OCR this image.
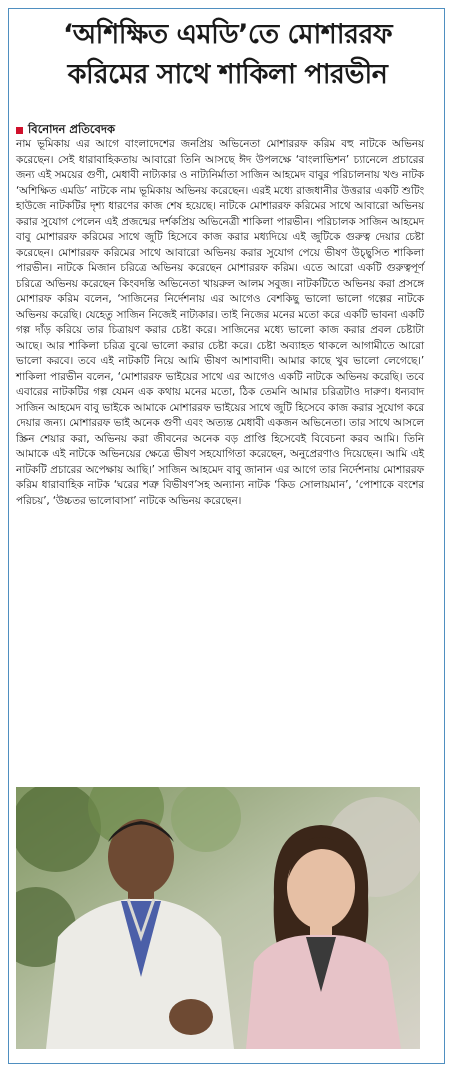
‘অশিক্ষিত এমডি’তে মোশাররফ
করিমের সাথে শাকিলা পারভীন
বিনোদন প্রতিবেদক
নাম ভূমিকায় এর আগে বাংলাদেশের জনপ্রিয় অভিনেতা মোশাররফ করিম বহু নাটকে অভিনয় করেছেন। সেই ধারাবাহিকতায় আবারো তিনি আসছে ঈদ উপলক্ষে ‘বাংলাভিশন’ চ্যানেলে প্রচারের জন্য এই সময়ের গুণী, মেধাবী নাট্যকার ও নাট্যনির্মাতা সাজিন আহমেদ বাবুর পরিচালনায় খণ্ড নাটক ‘অশিক্ষিত এমডি’ নাটকে নাম ভূমিকায় অভিনয় করেছেন। এরই মধ্যে রাজধানীর উত্তরার একটি শুটিং হাউজে নাটকটির দৃশ্য ধারণের কাজ শেষ হয়েছে। নাটকে মোশাররফ করিমের সাথে আবারো অভিনয় করার সুযোগ পেলেন এই প্রজন্মের দর্শকপ্রিয় অভিনেত্রী শাকিলা পারভীন। পরিচালক সাজিন আহমেদ বাবু মোশাররফ করিমের সাথে জুটি হিসেবে কাজ করার মধ্যদিয়ে এই জুটিকে গুরুত্ব দেয়ার চেষ্টা করেছেন। মোশাররফ করিমের সাথে আবারো অভিনয় করার সুযোগ পেয়ে ভীষণ উচ্ছ্বসিত শাকিলা পারভীন। নাটকে মিজান চরিত্রে অভিনয় করেছেন মোশাররফ করিম। এতে আরো একটি গুরুত্বপূর্ণ চরিত্রে অভিনয় করেছেন কিংবদন্তি অভিনেতা খায়রুল আলম সবুজ। নাটকটিতে অভিনয় করা প্রসঙ্গে মোশারফ করিম বলেন, ‘সাজিনের নির্দেশনায় এর আগেও বেশকিছু ভালো ভালো গল্পের নাটকে অভিনয় করেছি। যেহেতু সাজিন নিজেই নাট্যকার। তাই নিজের মনের মতো করে একটি ভাবনা একটি গল্প দাঁড় করিয়ে তার চিত্রায়ণ করার চেষ্টা করে। সাজিনের মধ্যে ভালো কাজ করার প্রবল চেষ্টাটা আছে। আর শাকিলা চরিত্র বুঝে ভালো করার চেষ্টা করে। চেষ্টা অব্যাহত থাকলে আগামীতে আরো ভালো করবে। তবে এই নাটকটি নিয়ে আমি ভীষণ আশাবাদী। আমার কাছে খুব ভালো লেগেছে।’ শাকিলা পারভীন বলেন, ‘মোশাররফ ভাইয়ের সাথে এর আগেও একটি নাটকে অভিনয় করেছি। তবে এবারের নাটকটির গল্প যেমন এক কথায় মনের মতো, ঠিক তেমনি আমার চরিত্রটাও দারুণ। ধন্যবাদ সাজিন আহমেদ বাবু ভাইকে আমাকে মোশাররফ ভাইয়ের সাথে জুটি হিসেবে কাজ করার সুযোগ করে দেয়ার জন্য। মোশাররফ ভাই অনেক গুণী এবং অত্যন্ত মেধাবী একজন অভিনেতা। তার সাথে আসলে স্ক্রিন শেয়ার করা, অভিনয় করা জীবনের অনেক বড় প্রাপ্তি হিসেবেই বিবেচনা করব আমি। তিনি আমাকে এই নাটকে অভিনয়ের ক্ষেত্রে ভীষণ সহযোগিতা করেছেন, অনুপ্রেরণাও দিয়েছেন। আমি এই নাটকটি প্রচারের অপেক্ষায় আছি।’ সাজিন আহমেদ বাবু জানান এর আগে তার নির্দেশনায় মোশাররফ করিম ধারাবাহিক নাটক ‘ঘরের শত্রু বিভীষণ’সহ অন্যান্য নাটক ‘কিড সোলায়মান’, ‘পোশাকে বংশের পরিচয়’, ‘উচ্চতর ভালোবাসা’ নাটকে অভিনয় করেছেন।
